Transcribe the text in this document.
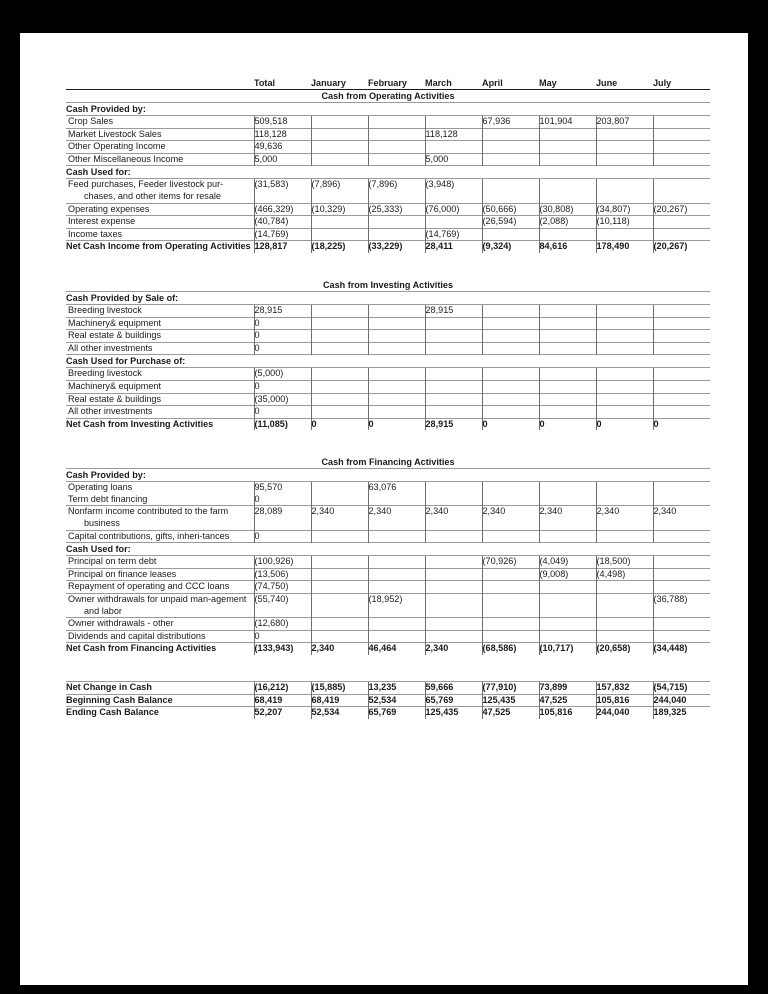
	Total	January	February	March	April	May	June	July
Cash from Operating Activities								
Cash Provided by:								
Crop Sales	509,518				67,936	101,904	203,807	
Market Livestock Sales	118,128			118,128				
Other Operating Income	49,636							
Other Miscellaneous Income	5,000			5,000				
Cash Used for:								
Feed purchases, Feeder livestock pur-chases, and other items for resale	(31,583)	(7,896)	(7,896)	(3,948)				
Operating expenses	(466,329)	(10,329)	(25,333)	(76,000)	(50,666)	(30,808)	(34,807)	(20,267)
Interest expense	(40,784)				(26,594)	(2,088)	(10,118)	
Income taxes	(14,769)			(14,769)				
Net Cash Income from Operating Activities	128,817	(18,225)	(33,229)	28,411	(9,324)	84,616	178,490	(20,267)

Cash from Investing Activities								
Cash Provided by Sale of:								
Breeding livestock	28,915			28,915				
Machinery& equipment	0							
Real estate & buildings	0							
All other investments	0							
Cash Used for Purchase of:								
Breeding livestock	(5,000)							
Machinery& equipment	0							
Real estate & buildings	(35,000)							
All other investments	0							
Net Cash from Investing Activities	(11,085)	0	0	28,915	0	0	0	0

Cash from Financing Activities								
Cash Provided by:								
Operating loans	95,570		63,076					
Term debt financing	0							
Nonfarm income contributed to the farm business	28,089	2,340	2,340	2,340	2,340	2,340	2,340	2,340
Capital contributions, gifts, inheri-tances	0							
Cash Used for:								
Principal on term debt	(100,926)				(70,926)	(4,049)	(18,500)	
Principal on finance leases	(13,506)					(9,008)	(4,498)	
Repayment of operating and CCC loans	(74,750)							
Owner withdrawals for unpaid man-agement and labor	(55,740)		(18,952)					(36,788)
Owner withdrawals - other	(12,680)							
Dividends and capital distributions	0							
Net Cash from Financing Activities	(133,943)	2,340	46,464	2,340	(68,586)	(10,717)	(20,658)	(34,448)

Net Change in Cash	(16,212)	(15,885)	13,235	59,666	(77,910)	73,899	157,832	(54,715)
Beginning Cash Balance	68,419	68,419	52,534	65,769	125,435	47,525	105,816	244,040
Ending Cash Balance	52,207	52,534	65,769	125,435	47,525	105,816	244,040	189,325
